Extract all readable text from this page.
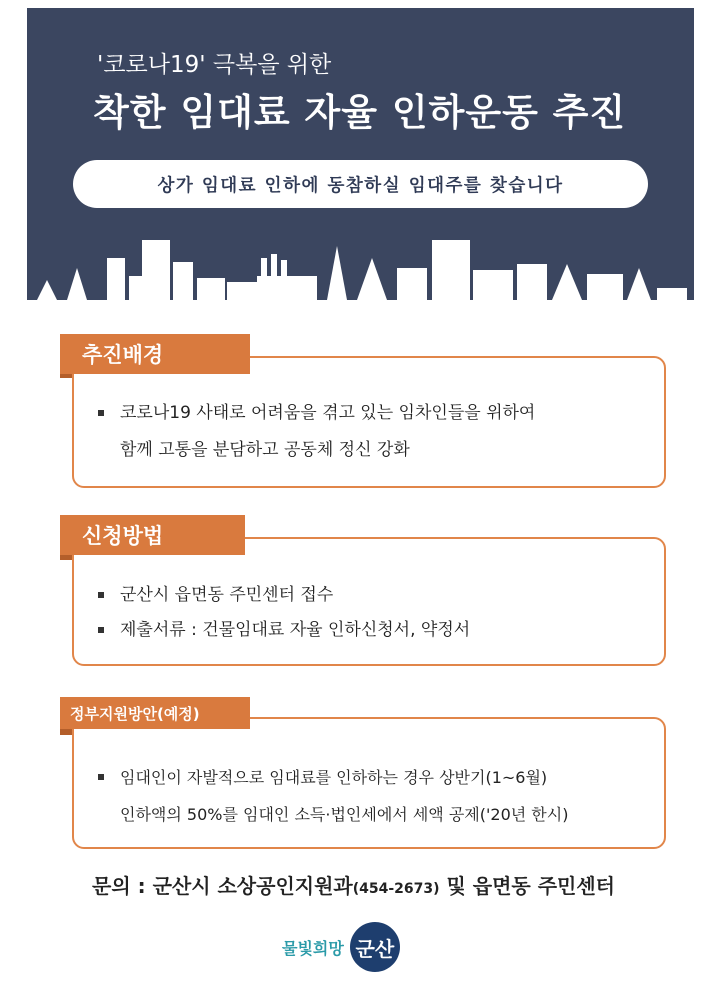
'코로나19' 극복을 위한
착한 임대료 자율 인하운동 추진
상가 임대료 인하에 동참하실 임대주를 찾습니다
추진배경
코로나19 사태로 어려움을 겪고 있는 임차인들을 위하여
함께 고통을 분담하고 공동체 정신 강화
신청방법
군산시 읍면동 주민센터 접수
제출서류 : 건물임대료 자율 인하신청서, 약정서
정부지원방안(예정)
임대인이 자발적으로 임대료를 인하하는 경우 상반기(1~6월)
인하액의 50%를 임대인 소득·법인세에서 세액 공제('20년 한시)
문의 : 군산시 소상공인지원과(454-2673) 및 읍면동 주민센터
물빛희망 군산
